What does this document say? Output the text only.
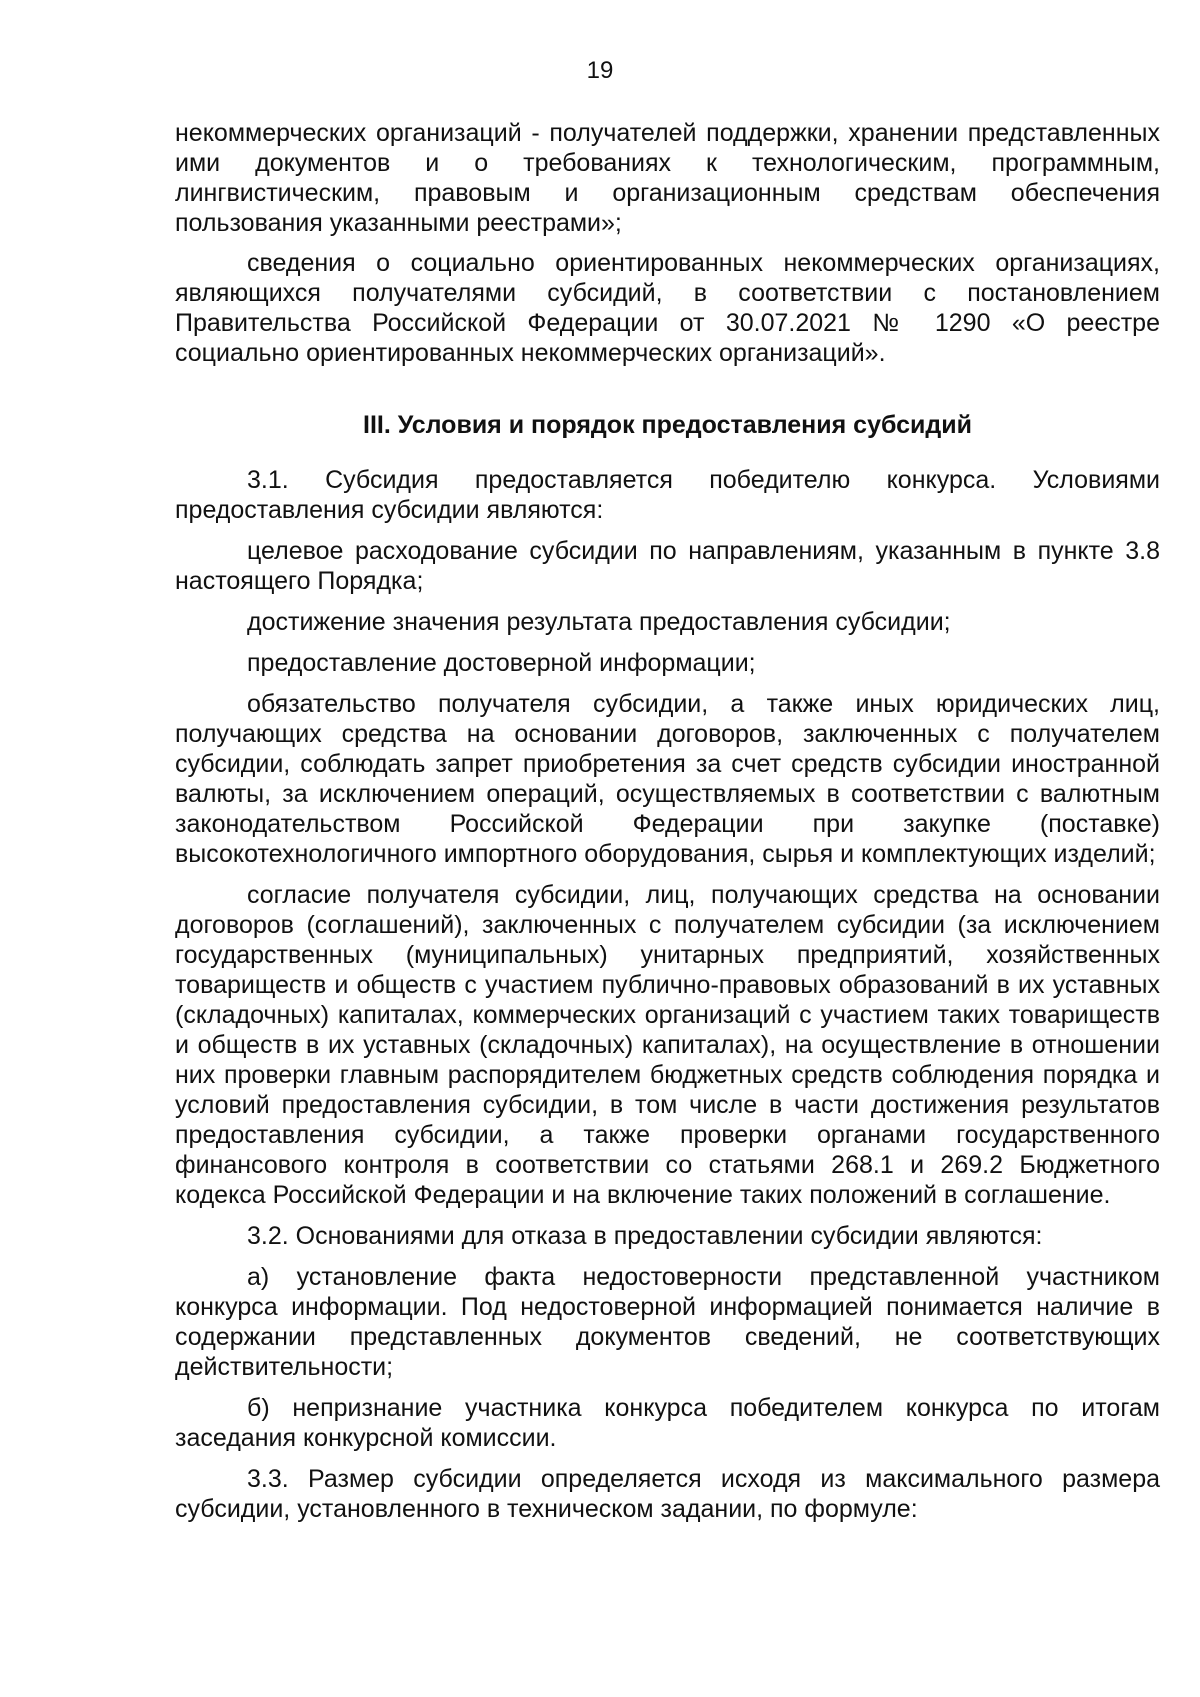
19

некоммерческих организаций - получателей поддержки, хранении представленных ими документов и о требованиях к технологическим, программным, лингвистическим, правовым и организационным средствам обеспечения пользования указанными реестрами»;

сведения о социально ориентированных некоммерческих организациях, являющихся получателями субсидий, в соответствии с постановлением Правительства Российской Федерации от 30.07.2021 № 1290 «О реестре социально ориентированных некоммерческих организаций».

III. Условия и порядок предоставления субсидий

3.1. Субсидия предоставляется победителю конкурса. Условиями предоставления субсидии являются:

целевое расходование субсидии по направлениям, указанным в пункте 3.8 настоящего Порядка;

достижение значения результата предоставления субсидии;

предоставление достоверной информации;

обязательство получателя субсидии, а также иных юридических лиц, получающих средства на основании договоров, заключенных с получателем субсидии, соблюдать запрет приобретения за счет средств субсидии иностранной валюты, за исключением операций, осуществляемых в соответствии с валютным законодательством Российской Федерации при закупке (поставке) высокотехнологичного импортного оборудования, сырья и комплектующих изделий;

согласие получателя субсидии, лиц, получающих средства на основании договоров (соглашений), заключенных с получателем субсидии (за исключением государственных (муниципальных) унитарных предприятий, хозяйственных товариществ и обществ с участием публично-правовых образований в их уставных (складочных) капиталах, коммерческих организаций с участием таких товариществ и обществ в их уставных (складочных) капиталах), на осуществление в отношении них проверки главным распорядителем бюджетных средств соблюдения порядка и условий предоставления субсидии, в том числе в части достижения результатов предоставления субсидии, а также проверки органами государственного финансового контроля в соответствии со статьями 268.1 и 269.2 Бюджетного кодекса Российской Федерации и на включение таких положений в соглашение.

3.2. Основаниями для отказа в предоставлении субсидии являются:

а) установление факта недостоверности представленной участником конкурса информации. Под недостоверной информацией понимается наличие в содержании представленных документов сведений, не соответствующих действительности;

б) непризнание участника конкурса победителем конкурса по итогам заседания конкурсной комиссии.

3.3. Размер субсидии определяется исходя из максимального размера субсидии, установленного в техническом задании, по формуле:
